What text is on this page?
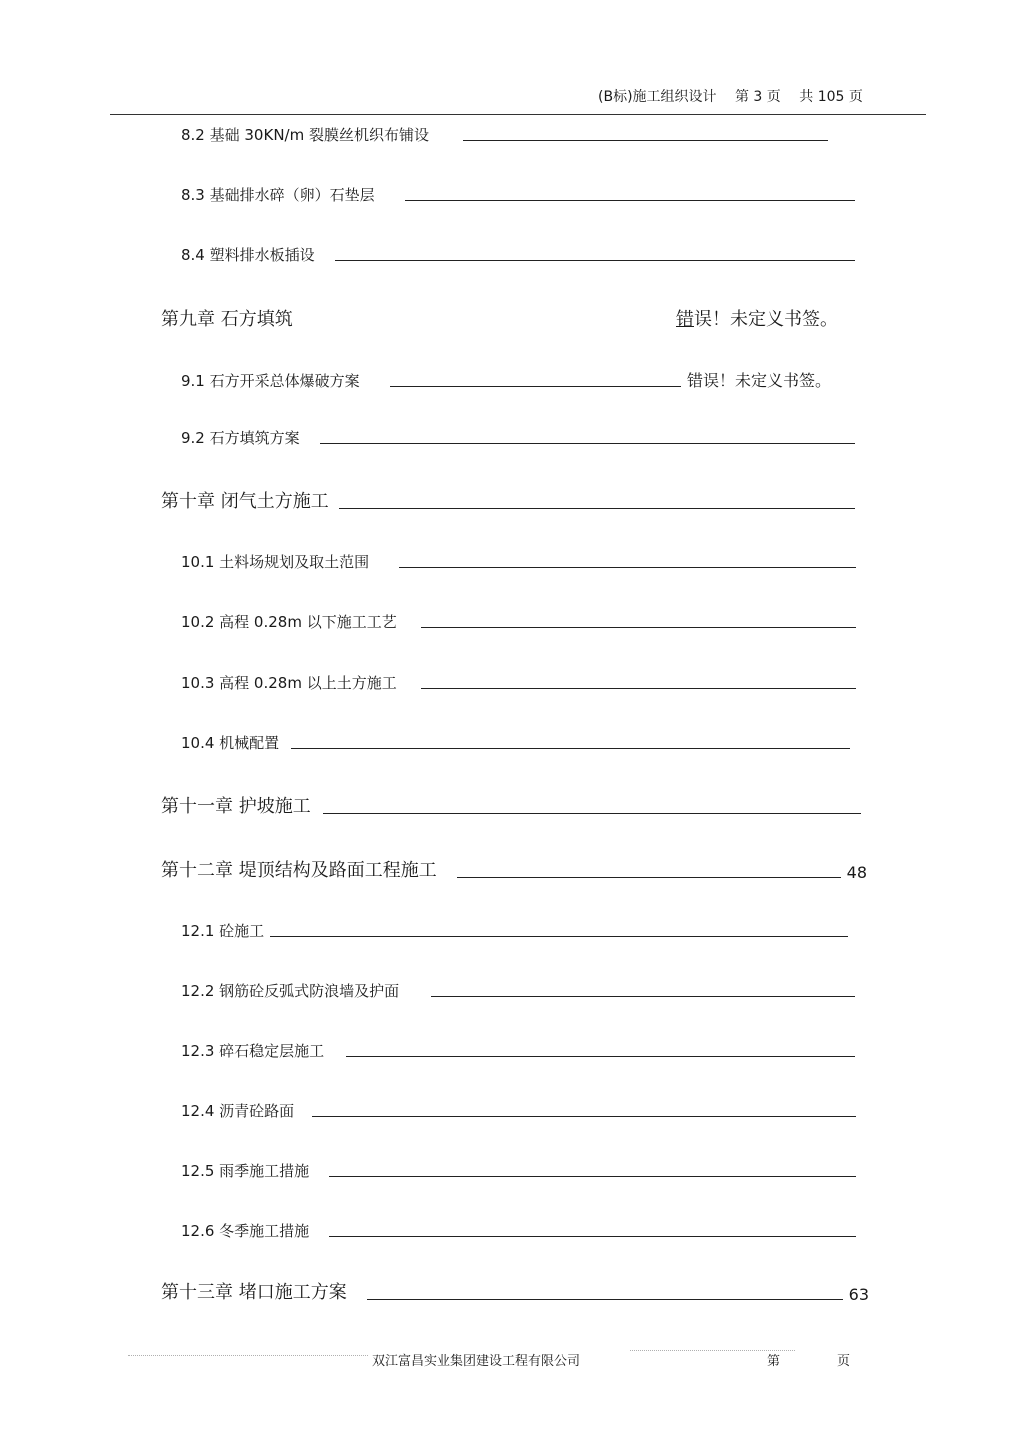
(B标)施工组织设计 第 3 页 共 105 页
8.2 基础 30KN/m 裂膜丝机织布铺设
8.3 基础排水碎（卵）石垫层
8.4 塑料排水板插设
第九章 石方填筑	错误！未定义书签。
9.1 石方开采总体爆破方案	错误！未定义书签。
9.2 石方填筑方案
第十章 闭气土方施工
10.1 土料场规划及取土范围
10.2 高程 0.28m 以下施工工艺
10.3 高程 0.28m 以上土方施工
10.4 机械配置
第十一章 护坡施工
第十二章 堤顶结构及路面工程施工	48
12.1 砼施工
12.2 钢筋砼反弧式防浪墙及护面
12.3 碎石稳定层施工
12.4 沥青砼路面
12.5 雨季施工措施
12.6 冬季施工措施
第十三章 堵口施工方案	63
双江富昌实业集团建设工程有限公司	第	页
